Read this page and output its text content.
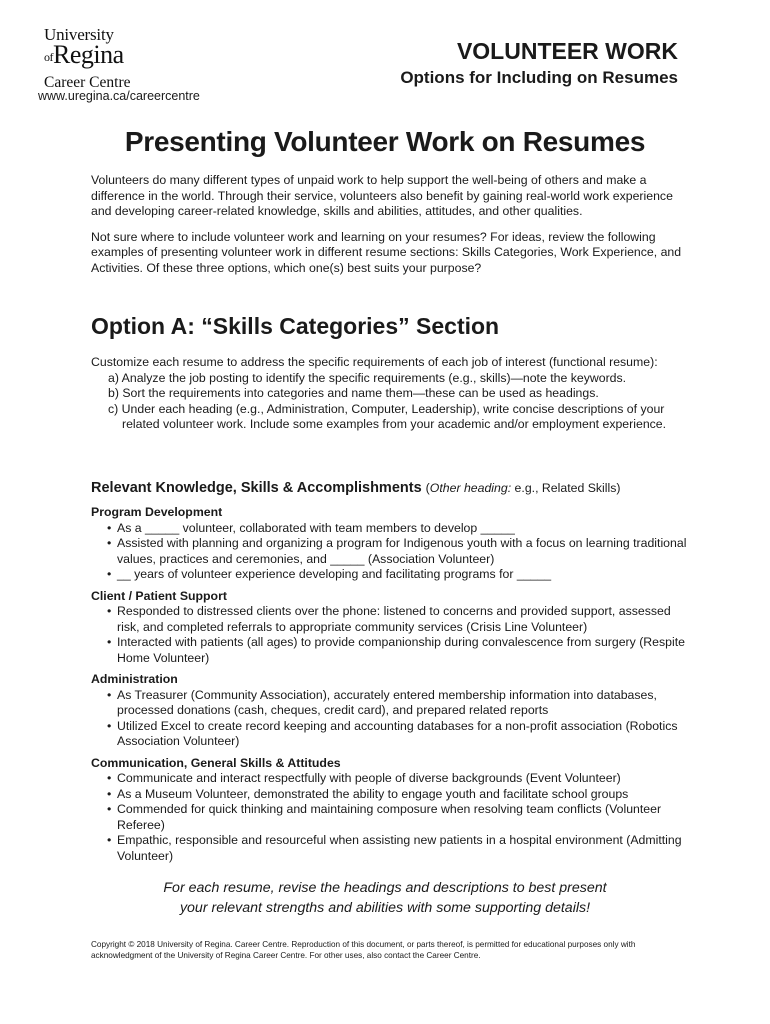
University
$^{of}$Regina
Career Centre
www.uregina.ca/careercentre
VOLUNTEER WORK
Options for Including on Resumes
Presenting Volunteer Work on Resumes

Volunteers do many different types of unpaid work to help support the well-being of others and make a difference in the world. Through their service, volunteers also benefit by gaining real-world work experience and developing career-related knowledge, skills and abilities, attitudes, and other qualities.

Not sure where to include volunteer work and learning on your resumes? For ideas, review the following examples of presenting volunteer work in different resume sections: Skills Categories, Work Experience, and Activities. Of these three options, which one(s) best suits your purpose?

Option A: “Skills Categories” Section

Customize each resume to address the specific requirements of each job of interest (functional resume):

a) Analyze the job posting to identify the specific requirements (e.g., skills)—note the keywords.
b) Sort the requirements into categories and name them—these can be used as headings.
c) Under each heading (e.g., Administration, Computer, Leadership), write concise descriptions of your related volunteer work. Include some examples from your academic and/or employment experience.
Relevant Knowledge, Skills & Accomplishments (Other heading: e.g., Related Skills)
Program Development
• As a _____ volunteer, collaborated with team members to develop _____
• Assisted with planning and organizing a program for Indigenous youth with a focus on learning traditional values, practices and ceremonies, and _____ (Association Volunteer)
• __ years of volunteer experience developing and facilitating programs for _____
Client / Patient Support
• Responded to distressed clients over the phone: listened to concerns and provided support, assessed risk, and completed referrals to appropriate community services (Crisis Line Volunteer)
• Interacted with patients (all ages) to provide companionship during convalescence from surgery (Respite Home Volunteer)
Administration
• As Treasurer (Community Association), accurately entered membership information into databases, processed donations (cash, cheques, credit card), and prepared related reports
• Utilized Excel to create record keeping and accounting databases for a non-profit association (Robotics Association Volunteer)
Communication, General Skills & Attitudes
• Communicate and interact respectfully with people of diverse backgrounds (Event Volunteer)
• As a Museum Volunteer, demonstrated the ability to engage youth and facilitate school groups
• Commended for quick thinking and maintaining composure when resolving team conflicts (Volunteer Referee)
• Empathic, responsible and resourceful when assisting new patients in a hospital environment (Admitting Volunteer)
For each resume, revise the headings and descriptions to best present
your relevant strengths and abilities with some supporting details!
Copyright © 2018 University of Regina. Career Centre. Reproduction of this document, or parts thereof, is permitted for educational purposes only with acknowledgment of the University of Regina Career Centre. For other uses, also contact the Career Centre.
